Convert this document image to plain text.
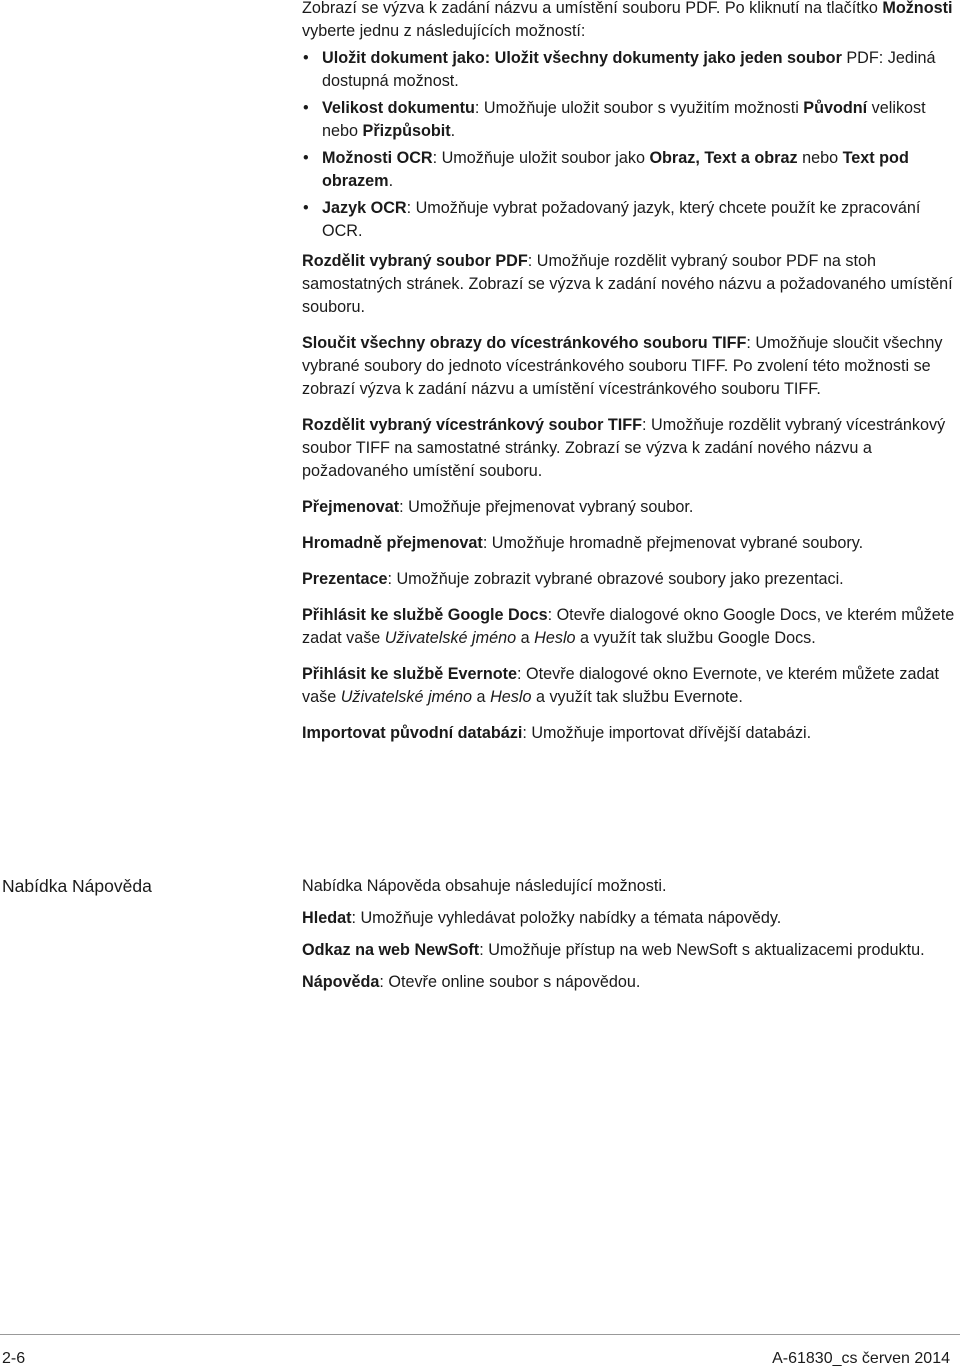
Zobrazí se výzva k zadání názvu a umístění souboru PDF. Po kliknutí na tlačítko Možnosti vyberte jednu z následujících možností:

• Uložit dokument jako: Uložit všechny dokumenty jako jeden soubor PDF: Jediná dostupná možnost.
• Velikost dokumentu: Umožňuje uložit soubor s využitím možnosti Původní velikost nebo Přizpůsobit.
• Možnosti OCR: Umožňuje uložit soubor jako Obraz, Text a obraz nebo Text pod obrazem.
• Jazyk OCR: Umožňuje vybrat požadovaný jazyk, který chcete použít ke zpracování OCR.

Rozdělit vybraný soubor PDF: Umožňuje rozdělit vybraný soubor PDF na stoh samostatných stránek. Zobrazí se výzva k zadání nového názvu a požadovaného umístění souboru.

Sloučit všechny obrazy do vícestránkového souboru TIFF: Umožňuje sloučit všechny vybrané soubory do jednoto vícestránkového souboru TIFF. Po zvolení této možnosti se zobrazí výzva k zadání názvu a umístění vícestránkového souboru TIFF.

Rozdělit vybraný vícestránkový soubor TIFF: Umožňuje rozdělit vybraný vícestránkový soubor TIFF na samostatné stránky. Zobrazí se výzva k zadání nového názvu a požadovaného umístění souboru.

Přejmenovat: Umožňuje přejmenovat vybraný soubor.

Hromadně přejmenovat: Umožňuje hromadně přejmenovat vybrané soubory.

Prezentace: Umožňuje zobrazit vybrané obrazové soubory jako prezentaci.

Přihlásit ke službě Google Docs: Otevře dialogové okno Google Docs, ve kterém můžete zadat vaše Uživatelské jméno a Heslo a využít tak službu Google Docs.

Přihlásit ke službě Evernote: Otevře dialogové okno Evernote, ve kterém můžete zadat vaše Uživatelské jméno a Heslo a využít tak službu Evernote.

Importovat původní databázi: Umožňuje importovat dřívější databázi.

Nabídka Nápověda	Nabídka Nápověda obsahuje následující možnosti.

Hledat: Umožňuje vyhledávat položky nabídky a témata nápovědy.

Odkaz na web NewSoft: Umožňuje přístup na web NewSoft s aktualizacemi produktu.

Nápověda: Otevře online soubor s nápovědou.

2-6	A-61830_cs červen 2014
